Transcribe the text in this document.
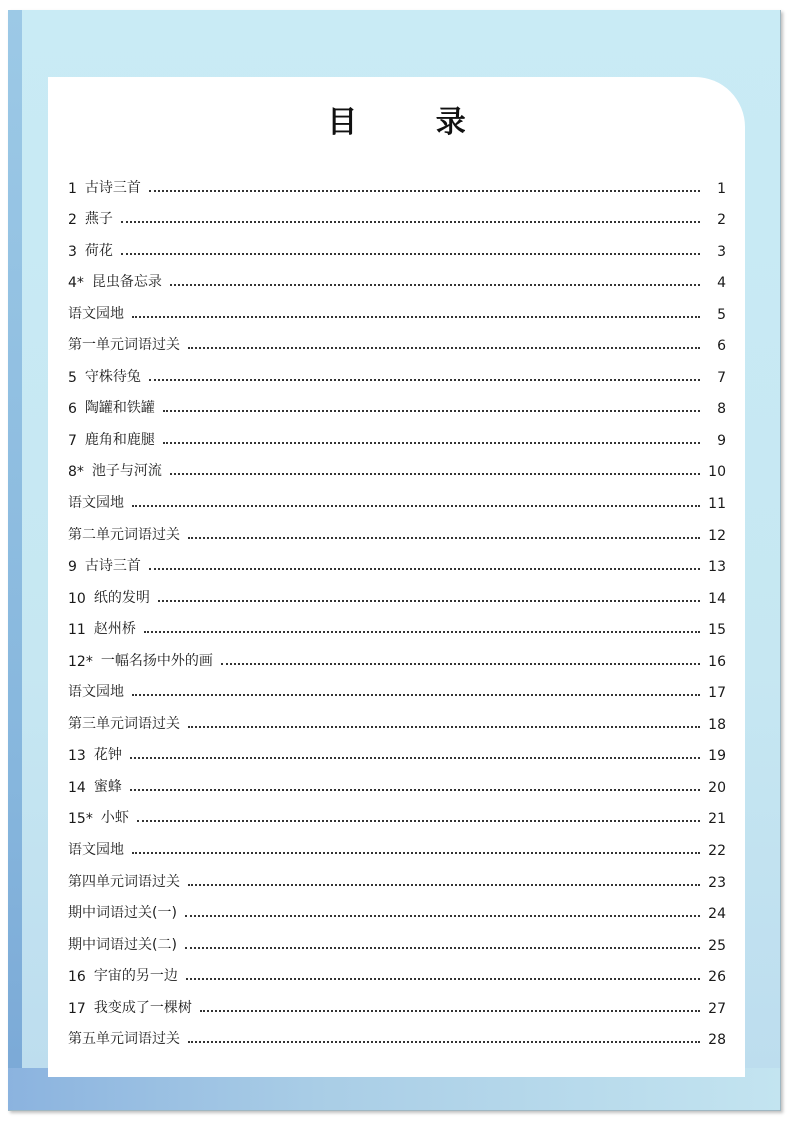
目 录
1 古诗三首	1
2 燕子	2
3 荷花	3
4* 昆虫备忘录	4
语文园地	5
第一单元词语过关	6
5 守株待兔	7
6 陶罐和铁罐	8
7 鹿角和鹿腿	9
8* 池子与河流	10
语文园地	11
第二单元词语过关	12
9 古诗三首	13
10 纸的发明	14
11 赵州桥	15
12* 一幅名扬中外的画	16
语文园地	17
第三单元词语过关	18
13 花钟	19
14 蜜蜂	20
15* 小虾	21
语文园地	22
第四单元词语过关	23
期中词语过关(一)	24
期中词语过关(二)	25
16 宇宙的另一边	26
17 我变成了一棵树	27
第五单元词语过关	28
